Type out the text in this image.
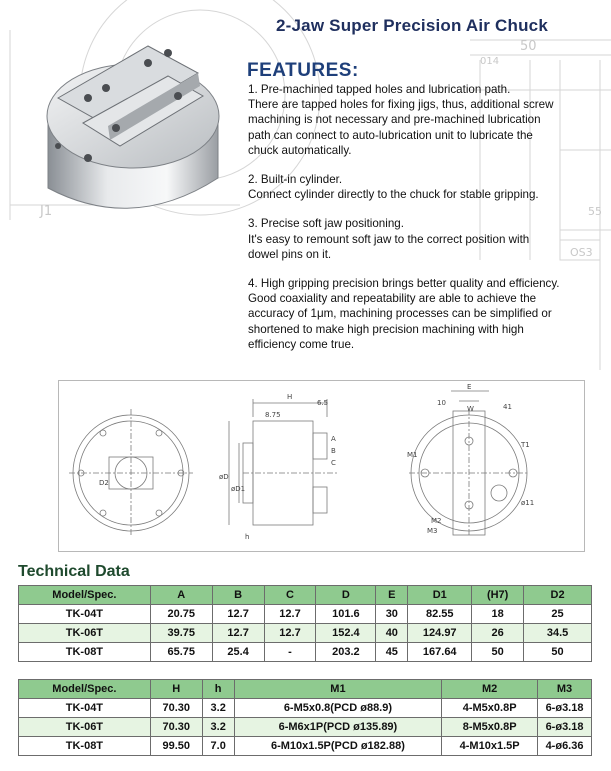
J1
50
014
55
OS3
2-Jaw Super Precision Air Chuck
FEATURES:
1. Pre-machined tapped holes and lubrication path.
There are tapped holes for fixing jigs, thus, additional screw
machining is not necessary and pre-machined lubrication
path can connect to auto-lubrication unit to lubricate the
chuck automatically.
2. Built-in cylinder.
Connect cylinder directly to the chuck for stable gripping.
3. Precise soft jaw positioning.
It's easy to remount soft jaw to the correct position with
dowel pins on it.
4. High gripping precision brings better quality and efficiency.
Good coaxiality and repeatability are able to achieve the
accuracy of 1μm, machining processes can be simplified or
shortened to make high precision machining with high
efficiency come true.
D2
H
6.5
8.75
A
B
C
øD
øD1
h
E
W
10	41
M1
T1
M2
M3
ø11
Technical Data
Model/Spec.	A	B	C	D	E	D1	(H7)	D2
TK-04T	20.75	12.7	12.7	101.6	30	82.55	18	25
TK-06T	39.75	12.7	12.7	152.4	40	124.97	26	34.5
TK-08T	65.75	25.4	-	203.2	45	167.64	50	50
Model/Spec.	H	h	M1	M2	M3
TK-04T	70.30	3.2	6-M5x0.8(PCD ø88.9)	4-M5x0.8P	6-ø3.18
TK-06T	70.30	3.2	6-M6x1P(PCD ø135.89)	8-M5x0.8P	6-ø3.18
TK-08T	99.50	7.0	6-M10x1.5P(PCD ø182.88)	4-M10x1.5P	4-ø6.36
